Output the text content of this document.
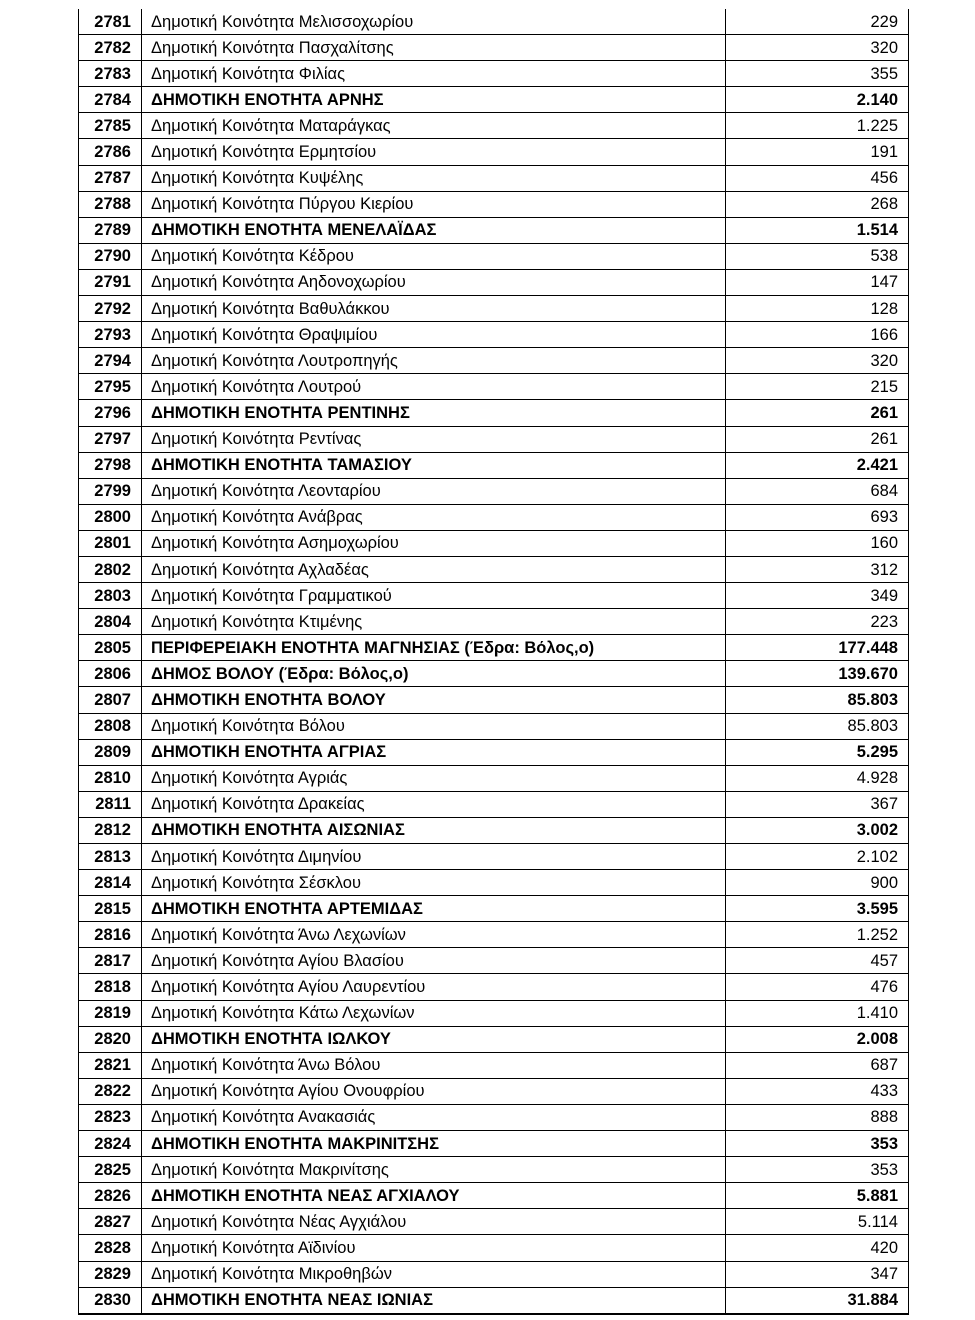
2781	Δημοτική Κοινότητα Μελισσοχωρίου	229
2782	Δημοτική Κοινότητα Πασχαλίτσης	320
2783	Δημοτική Κοινότητα Φιλίας	355
2784	ΔΗΜΟΤΙΚΗ ΕΝΟΤΗΤΑ ΑΡΝΗΣ	2.140
2785	Δημοτική Κοινότητα Ματαράγκας	1.225
2786	Δημοτική Κοινότητα Ερμητσίου	191
2787	Δημοτική Κοινότητα Κυψέλης	456
2788	Δημοτική Κοινότητα Πύργου Κιερίου	268
2789	ΔΗΜΟΤΙΚΗ ΕΝΟΤΗΤΑ ΜΕΝΕΛΑΪΔΑΣ	1.514
2790	Δημοτική Κοινότητα Κέδρου	538
2791	Δημοτική Κοινότητα Αηδονοχωρίου	147
2792	Δημοτική Κοινότητα Βαθυλάκκου	128
2793	Δημοτική Κοινότητα Θραψιμίου	166
2794	Δημοτική Κοινότητα Λουτροπηγής	320
2795	Δημοτική Κοινότητα Λουτρού	215
2796	ΔΗΜΟΤΙΚΗ ΕΝΟΤΗΤΑ ΡΕΝΤΙΝΗΣ	261
2797	Δημοτική Κοινότητα Ρεντίνας	261
2798	ΔΗΜΟΤΙΚΗ ΕΝΟΤΗΤΑ ΤΑΜΑΣΙΟΥ	2.421
2799	Δημοτική Κοινότητα Λεονταρίου	684
2800	Δημοτική Κοινότητα Ανάβρας	693
2801	Δημοτική Κοινότητα Ασημοχωρίου	160
2802	Δημοτική Κοινότητα Αχλαδέας	312
2803	Δημοτική Κοινότητα Γραμματικού	349
2804	Δημοτική Κοινότητα Κτιμένης	223
2805	ΠΕΡΙΦΕΡΕΙΑΚΗ ΕΝΟΤΗΤΑ ΜΑΓΝΗΣΙΑΣ (Έδρα: Βόλος,ο)	177.448
2806	ΔΗΜΟΣ ΒΟΛΟΥ (Έδρα: Βόλος,ο)	139.670
2807	ΔΗΜΟΤΙΚΗ ΕΝΟΤΗΤΑ ΒΟΛΟΥ	85.803
2808	Δημοτική Κοινότητα Βόλου	85.803
2809	ΔΗΜΟΤΙΚΗ ΕΝΟΤΗΤΑ ΑΓΡΙΑΣ	5.295
2810	Δημοτική Κοινότητα Αγριάς	4.928
2811	Δημοτική Κοινότητα Δρακείας	367
2812	ΔΗΜΟΤΙΚΗ ΕΝΟΤΗΤΑ ΑΙΣΩΝΙΑΣ	3.002
2813	Δημοτική Κοινότητα Διμηνίου	2.102
2814	Δημοτική Κοινότητα Σέσκλου	900
2815	ΔΗΜΟΤΙΚΗ ΕΝΟΤΗΤΑ ΑΡΤΕΜΙΔΑΣ	3.595
2816	Δημοτική Κοινότητα Άνω Λεχωνίων	1.252
2817	Δημοτική Κοινότητα Αγίου Βλασίου	457
2818	Δημοτική Κοινότητα Αγίου Λαυρεντίου	476
2819	Δημοτική Κοινότητα Κάτω Λεχωνίων	1.410
2820	ΔΗΜΟΤΙΚΗ ΕΝΟΤΗΤΑ ΙΩΛΚΟΥ	2.008
2821	Δημοτική Κοινότητα Άνω Βόλου	687
2822	Δημοτική Κοινότητα Αγίου Ονουφρίου	433
2823	Δημοτική Κοινότητα Ανακασιάς	888
2824	ΔΗΜΟΤΙΚΗ ΕΝΟΤΗΤΑ ΜΑΚΡΙΝΙΤΣΗΣ	353
2825	Δημοτική Κοινότητα Μακρινίτσης	353
2826	ΔΗΜΟΤΙΚΗ ΕΝΟΤΗΤΑ ΝΕΑΣ ΑΓΧΙΑΛΟΥ	5.881
2827	Δημοτική Κοινότητα Νέας Αγχιάλου	5.114
2828	Δημοτική Κοινότητα Αϊδινίου	420
2829	Δημοτική Κοινότητα Μικροθηβών	347
2830	ΔΗΜΟΤΙΚΗ ΕΝΟΤΗΤΑ ΝΕΑΣ ΙΩΝΙΑΣ	31.884
